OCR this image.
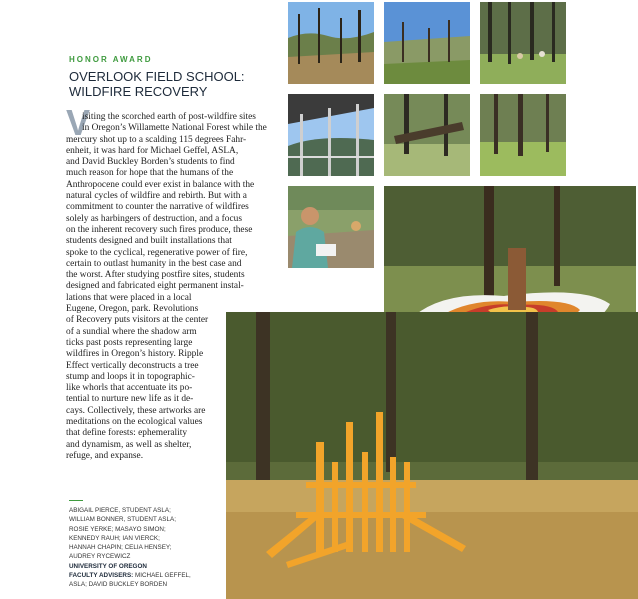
HONOR AWARD
OVERLOOK FIELD SCHOOL:
WILDFIRE RECOVERY
V
isiting the scorched earth of post-wildfire sites
in Oregon’s Willamette National Forest while the
mercury shot up to a scalding 115 degrees Fahr-
enheit, it was hard for Michael Geffel, ASLA,
and David Buckley Borden’s students to find
much reason for hope that the humans of the
Anthropocene could ever exist in balance with the
natural cycles of wildfire and rebirth. But with a
commitment to counter the narrative of wildfires
solely as harbingers of destruction, and a focus
on the inherent recovery such fires produce, these
students designed and built installations that
spoke to the cyclical, regenerative power of fire,
certain to outlast humanity in the best case and
the worst. After studying postfire sites, students
designed and fabricated eight permanent instal-
lations that were placed in a local
Eugene, Oregon, park. Revolutions
of Recovery puts visitors at the center
of a sundial where the shadow arm
ticks past posts representing large
wildfires in Oregon’s history. Ripple
Effect vertically deconstructs a tree
stump and loops it in topographic-
like whorls that accentuate its po-
tential to nurture new life as it de-
cays. Collectively, these artworks are
meditations on the ecological values
that define forests: ephemerality
and dynamism, as well as shelter,
refuge, and expanse.
ABIGAIL PIERCE, STUDENT ASLA;
WILLIAM BONNER, STUDENT ASLA;
ROSIE YERKE; MASAYO SIMON;
KENNEDY RAUH; IAN VIERCK;
HANNAH CHAPIN; CELIA HENSEY;
AUDREY RYCEWICZ
UNIVERSITY OF OREGON
FACULTY ADVISERS: MICHAEL GEFFEL,
ASLA; DAVID BUCKLEY BORDEN
